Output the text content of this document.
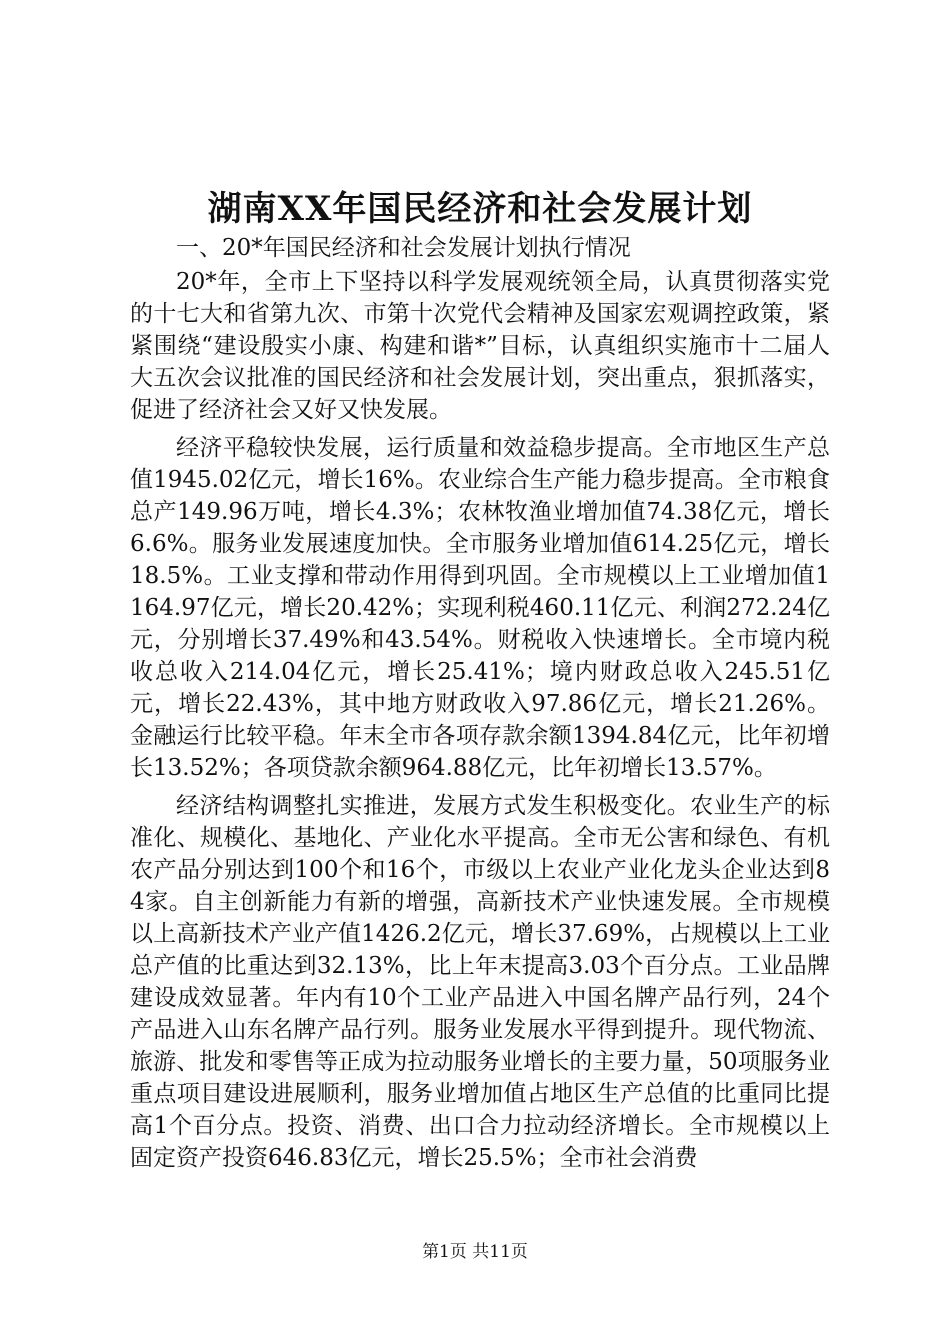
湖南XX年国民经济和社会发展计划

一、20*年国民经济和社会发展计划执行情况

20*年，全市上下坚持以科学发展观统领全局，认真贯彻落实党的十七大和省第九次、市第十次党代会精神及国家宏观调控政策，紧紧围绕“建设殷实小康、构建和谐*”目标，认真组织实施市十二届人大五次会议批准的国民经济和社会发展计划，突出重点，狠抓落实，促进了经济社会又好又快发展。

经济平稳较快发展，运行质量和效益稳步提高。全市地区生产总值1945.02亿元，增长16%。农业综合生产能力稳步提高。全市粮食总产149.96万吨，增长4.3%；农林牧渔业增加值74.38亿元，增长6.6%。服务业发展速度加快。全市服务业增加值614.25亿元，增长18.5%。工业支撑和带动作用得到巩固。全市规模以上工业增加值1164.97亿元，增长20.42%；实现利税460.11亿元、利润272.24亿元，分别增长37.49%和43.54%。财税收入快速增长。全市境内税收总收入214.04亿元，增长25.41%；境内财政总收入245.51亿元，增长22.43%，其中地方财政收入97.86亿元，增长21.26%。金融运行比较平稳。年末全市各项存款余额1394.84亿元，比年初增长13.52%；各项贷款余额964.88亿元，比年初增长13.57%。

经济结构调整扎实推进，发展方式发生积极变化。农业生产的标准化、规模化、基地化、产业化水平提高。全市无公害和绿色、有机农产品分别达到100个和16个，市级以上农业产业化龙头企业达到84家。自主创新能力有新的增强，高新技术产业快速发展。全市规模以上高新技术产业产值1426.2亿元，增长37.69%，占规模以上工业总产值的比重达到32.13%，比上年末提高3.03个百分点。工业品牌建设成效显著。年内有10个工业产品进入中国名牌产品行列，24个产品进入山东名牌产品行列。服务业发展水平得到提升。现代物流、旅游、批发和零售等正成为拉动服务业增长的主要力量，50项服务业重点项目建设进展顺利，服务业增加值占地区生产总值的比重同比提高1个百分点。投资、消费、出口合力拉动经济增长。全市规模以上固定资产投资646.83亿元，增长25.5%；全市社会消费

第1页 共11页
